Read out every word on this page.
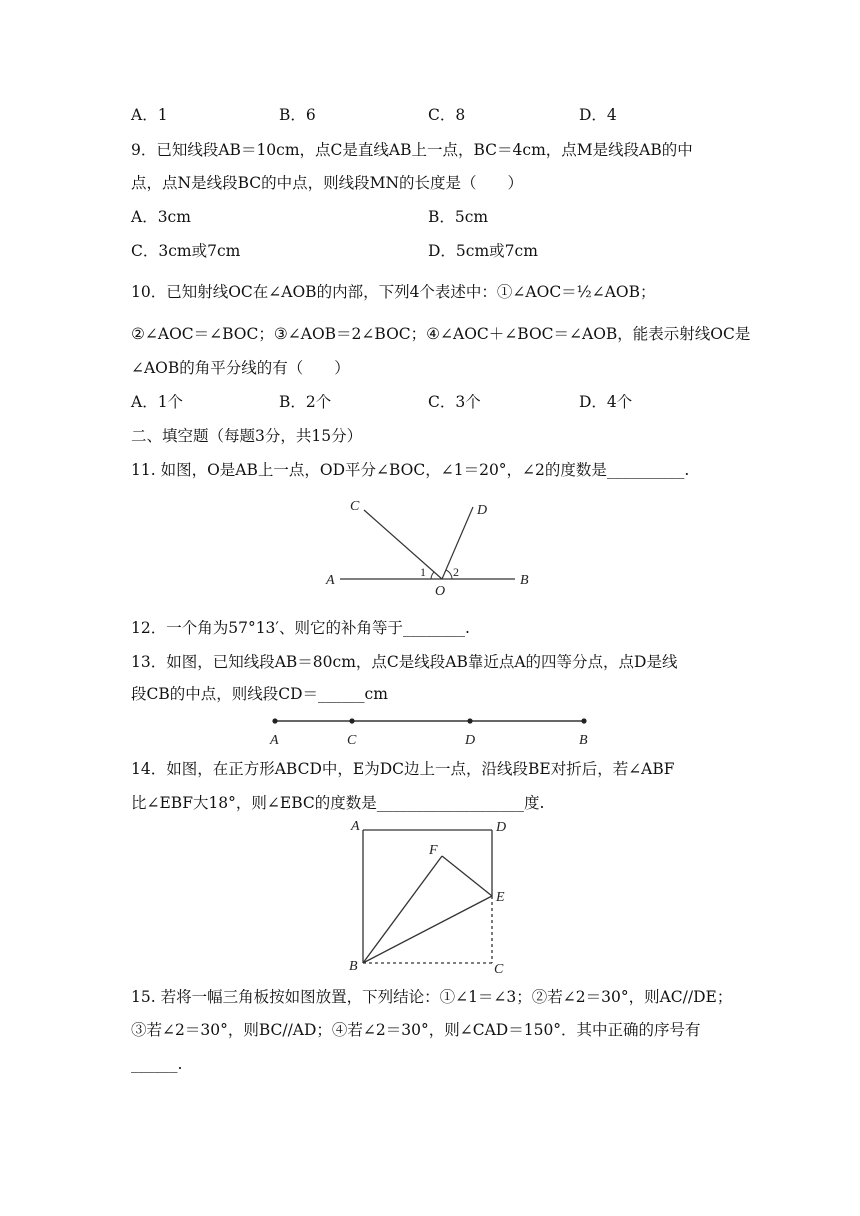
A．1	B．6	C．8	D．4
9．已知线段AB＝10cm，点C是直线AB上一点，BC＝4cm，点M是线段AB的中
点，点N是线段BC的中点，则线段MN的长度是（　　）
A．3cm	B．5cm
C．3cm或7cm	D．5cm或7cm
10．已知射线OC在∠AOB的内部，下列4个表述中：①∠AOC＝½∠AOB；
②∠AOC＝∠BOC；③∠AOB＝2∠BOC；④∠AOC＋∠BOC＝∠AOB，能表示射线OC是
∠AOB的角平分线的有（　　）
A．1个	B．2个	C．3个	D．4个
二、填空题（每题3分，共15分）
11. 如图，O是AB上一点，OD平分∠BOC，∠1＝20°，∠2的度数是__________.
C	D
A	B
O
1 2
12．一个角为57°13′、则它的补角等于________.
13．如图，已知线段AB＝80cm，点C是线段AB靠近点A的四等分点，点D是线
段CB的中点，则线段CD＝______cm
A	C	D	B
14．如图，在正方形ABCD中，E为DC边上一点，沿线段BE对折后，若∠ABF
比∠EBF大18°，则∠EBC的度数是___________________度.
A	D
F
E
B	C
15. 若将一幅三角板按如图放置，下列结论：①∠1＝∠3；②若∠2＝30°，则AC//DE；
③若∠2＝30°，则BC//AD；④若∠2＝30°，则∠CAD＝150°．其中正确的序号有
______.
